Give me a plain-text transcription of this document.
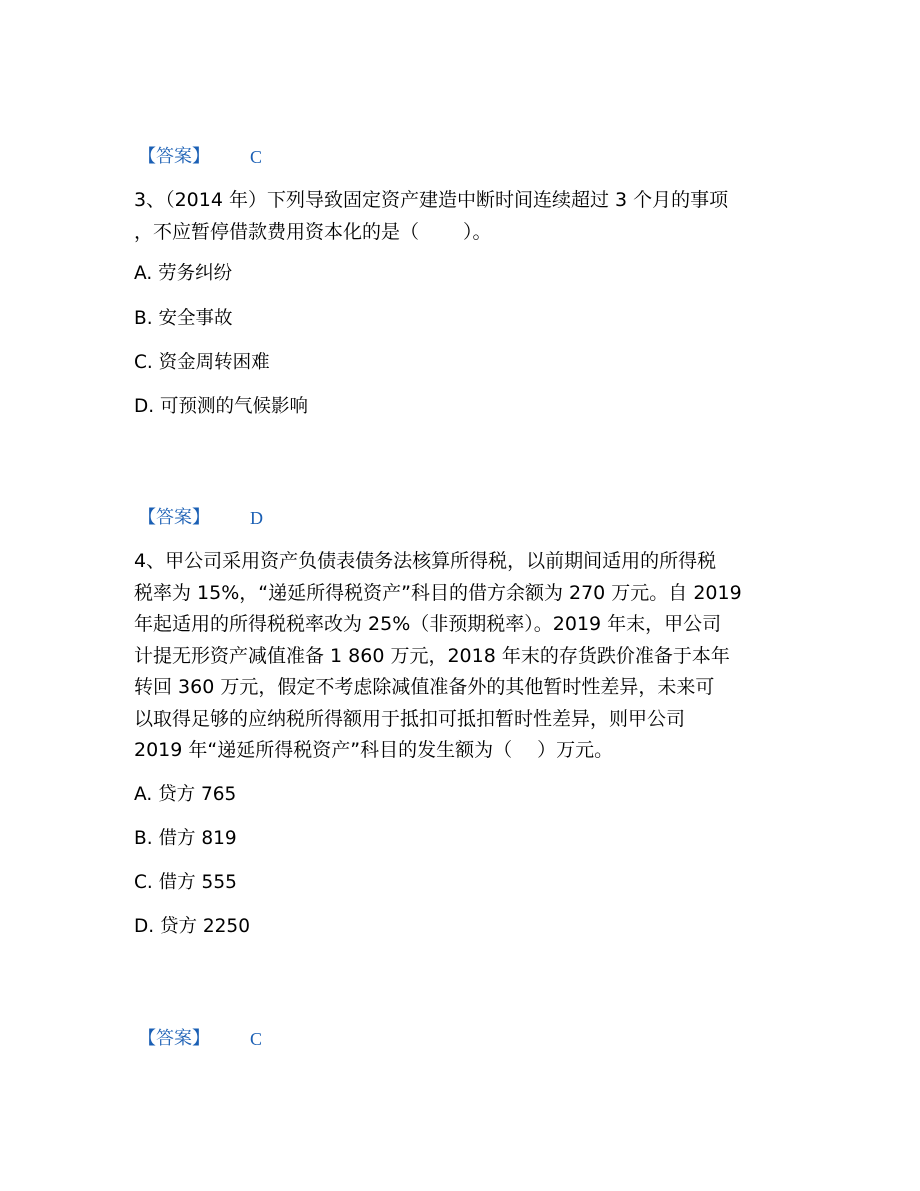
【答案】 C
3、（2014 年）下列导致固定资产建造中断时间连续超过 3 个月的事项
，不应暂停借款费用资本化的是（　　 ）。
A. 劳务纠纷
B. 安全事故
C. 资金周转困难
D. 可预测的气候影响
【答案】 D
4、甲公司采用资产负债表债务法核算所得税，以前期间适用的所得税
税率为 15%，“递延所得税资产”科目的借方余额为 270 万元。自 2019
年起适用的所得税税率改为 25%（非预期税率）。2019 年末，甲公司
计提无形资产减值准备 1 860 万元，2018 年末的存货跌价准备于本年
转回 360 万元，假定不考虑除减值准备外的其他暂时性差异，未来可
以取得足够的应纳税所得额用于抵扣可抵扣暂时性差异，则甲公司
2019 年“递延所得税资产”科目的发生额为（　 ）万元。
A. 贷方 765
B. 借方 819
C. 借方 555
D. 贷方 2250
【答案】 C
